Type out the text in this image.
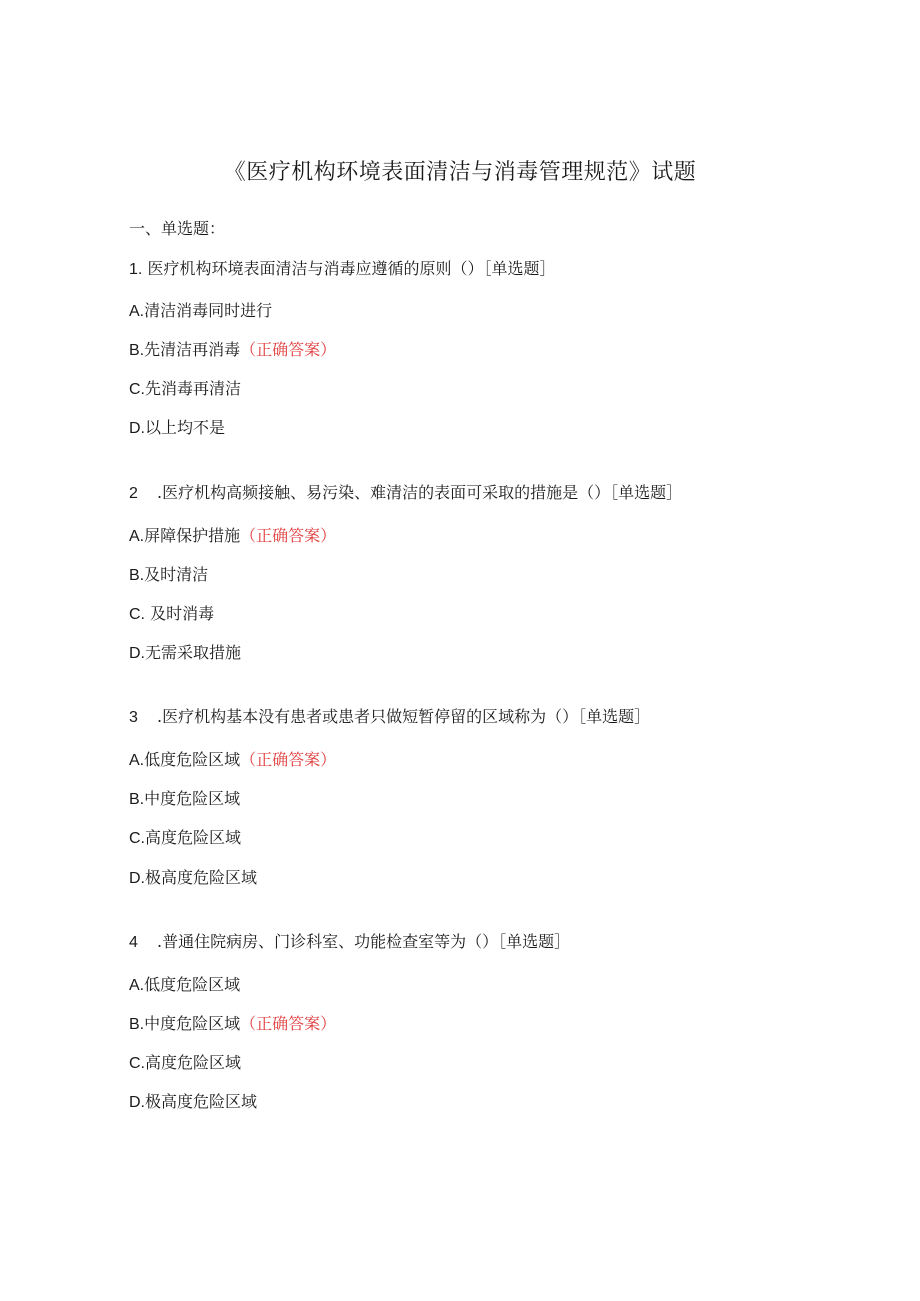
《医疗机构环境表面清洁与消毒管理规范》试题
一、单选题：
1. 医疗机构环境表面清洁与消毒应遵循的原则（）［单选题］
A.清洁消毒同时进行
B.先清洁再消毒（正确答案）
C.先消毒再清洁
D.以上均不是
2 .医疗机构高频接触、易污染、难清洁的表面可采取的措施是（）［单选题］
A.屏障保护措施（正确答案）
B.及时清洁
C. 及时消毒
D.无需采取措施
3 .医疗机构基本没有患者或患者只做短暂停留的区域称为（）［单选题］
A.低度危险区域（正确答案）
B.中度危险区域
C.高度危险区域
D.极高度危险区域
4 .普通住院病房、门诊科室、功能检查室等为（）［单选题］
A.低度危险区域
B.中度危险区域（正确答案）
C.高度危险区域
D.极高度危险区域
